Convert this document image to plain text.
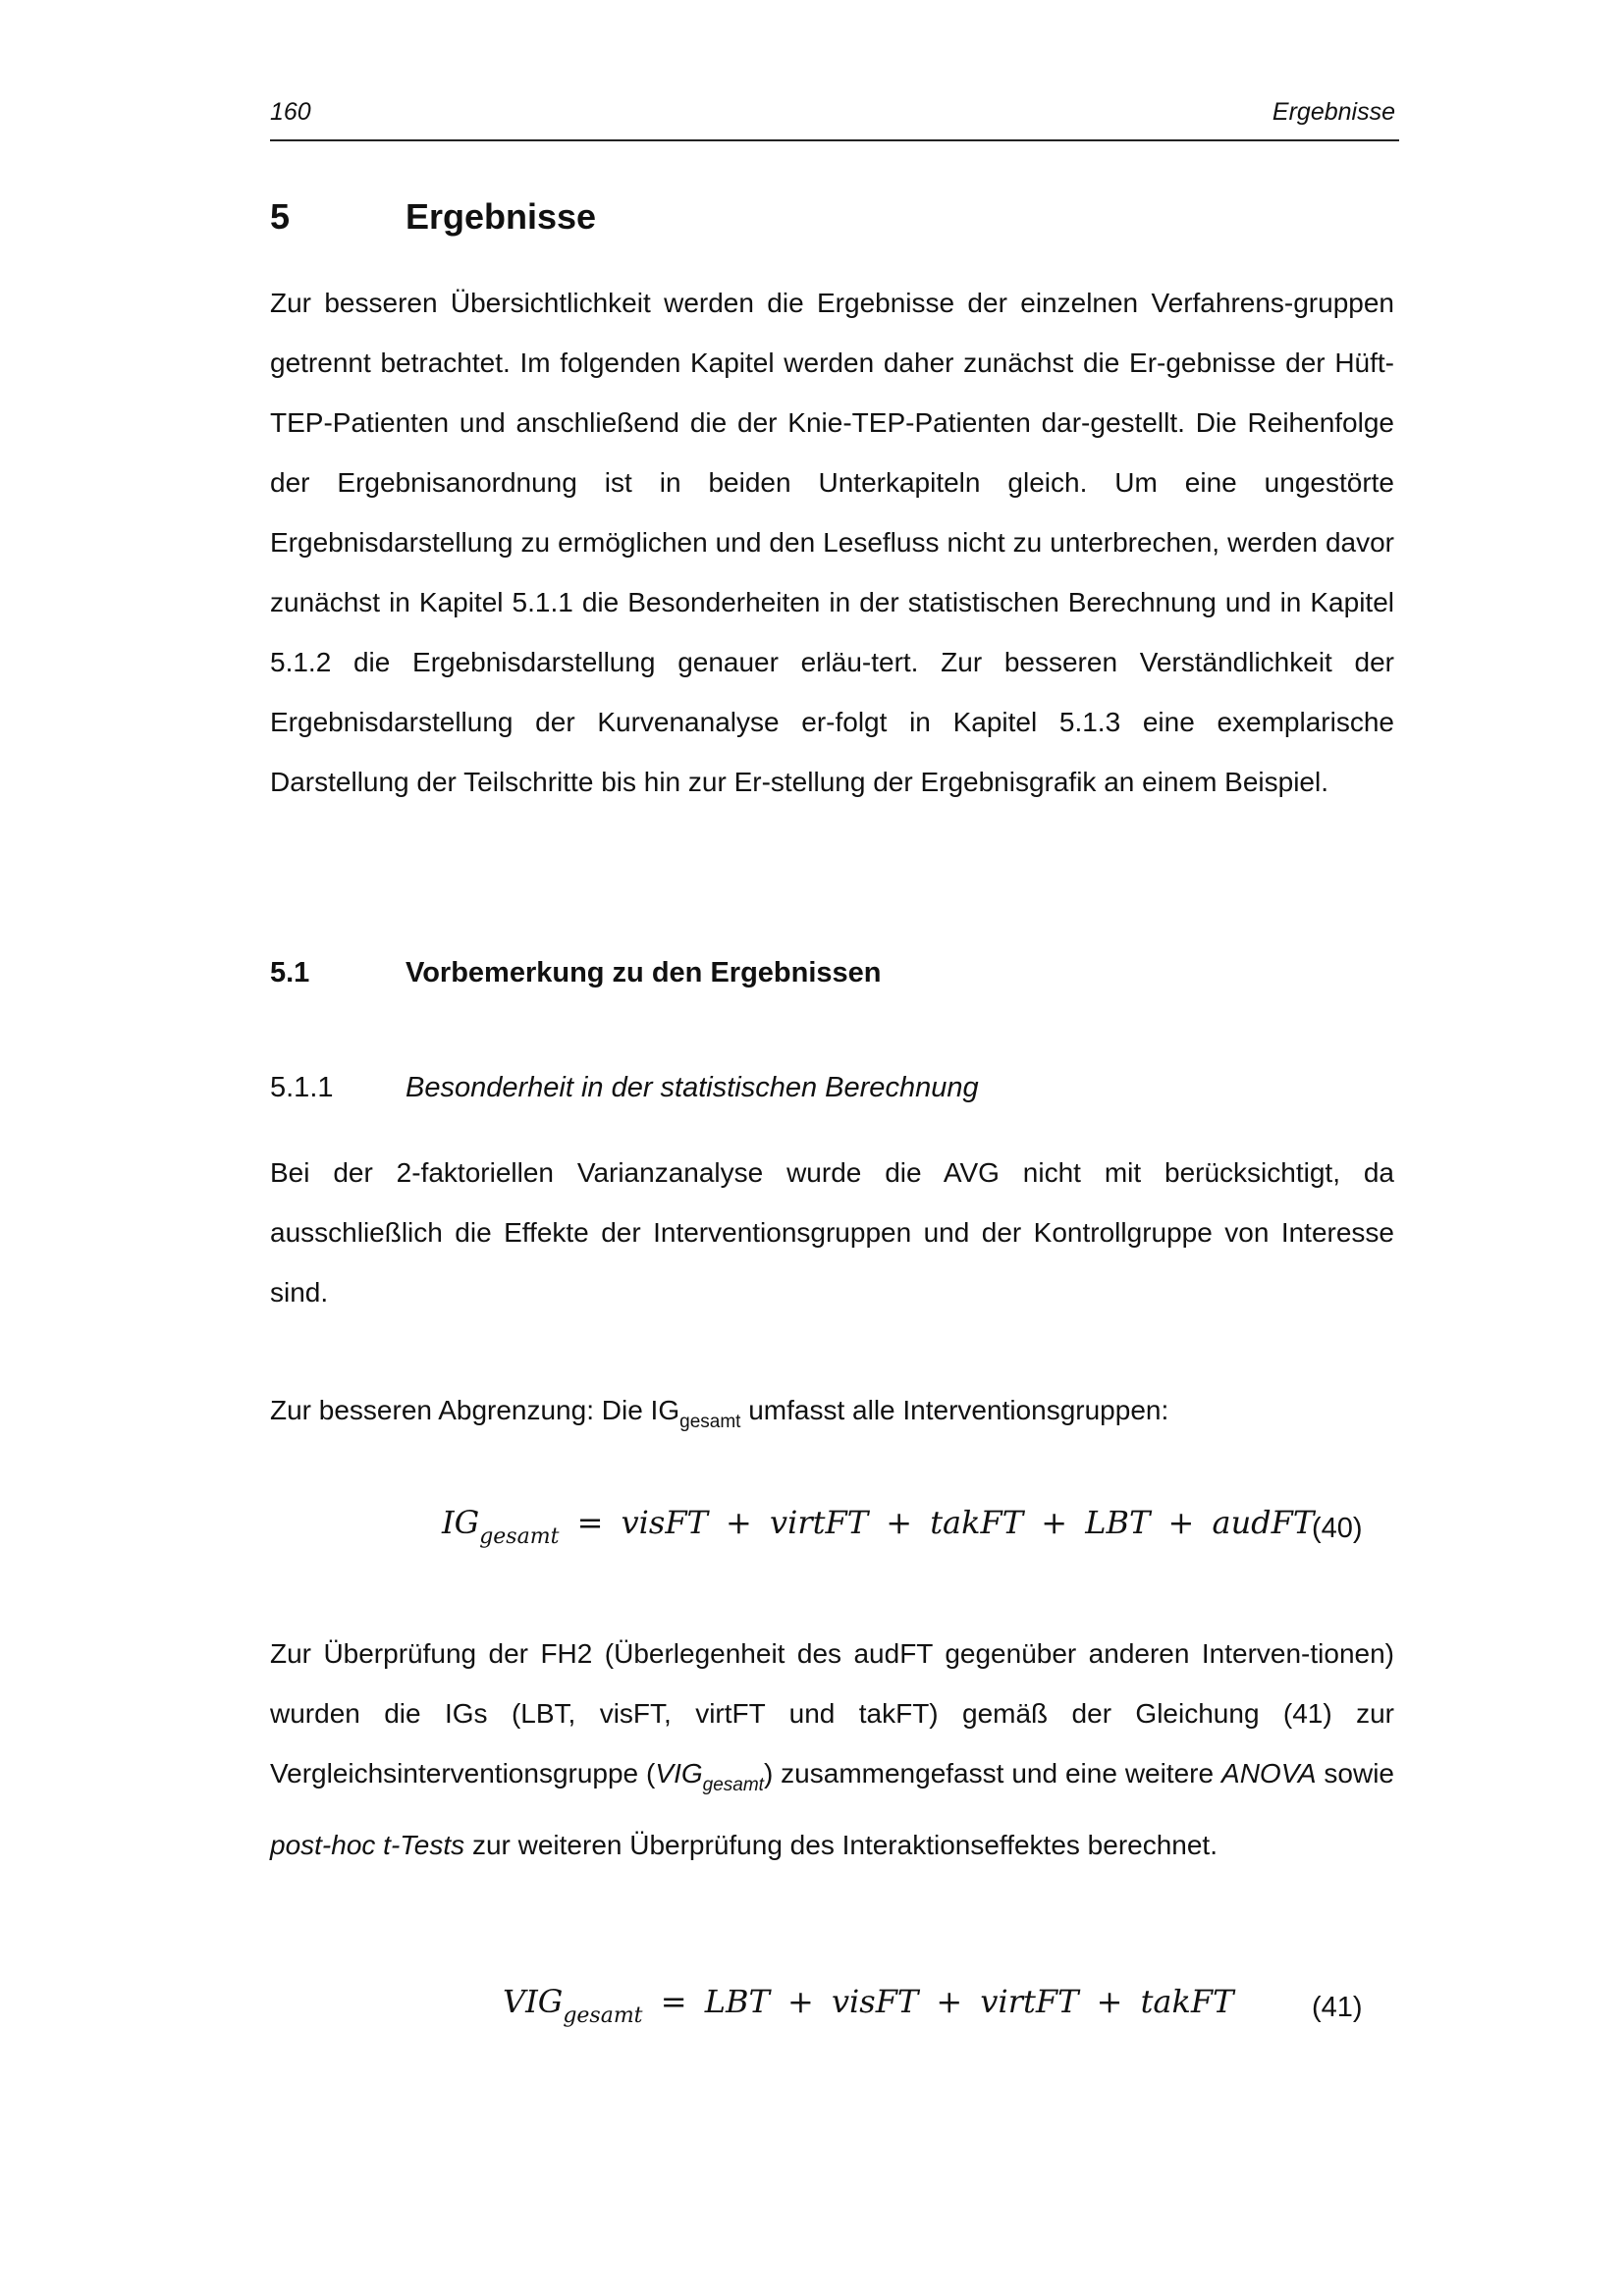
160	Ergebnisse
5	Ergebnisse

Zur besseren Übersichtlichkeit werden die Ergebnisse der einzelnen Verfahrens-gruppen getrennt betrachtet. Im folgenden Kapitel werden daher zunächst die Er-gebnisse der Hüft-TEP-Patienten und anschließend die der Knie-TEP-Patienten dar-gestellt. Die Reihenfolge der Ergebnisanordnung ist in beiden Unterkapiteln gleich. Um eine ungestörte Ergebnisdarstellung zu ermöglichen und den Lesefluss nicht zu unterbrechen, werden davor zunächst in Kapitel 5.1.1 die Besonderheiten in der statistischen Berechnung und in Kapitel 5.1.2 die Ergebnisdarstellung genauer erläu-tert. Zur besseren Verständlichkeit der Ergebnisdarstellung der Kurvenanalyse er-folgt in Kapitel 5.1.3 eine exemplarische Darstellung der Teilschritte bis hin zur Er-stellung der Ergebnisgrafik an einem Beispiel.

5.1	Vorbemerkung zu den Ergebnissen
5.1.1	Besonderheit in der statistischen Berechnung

Bei der 2-faktoriellen Varianzanalyse wurde die AVG nicht mit berücksichtigt, da ausschließlich die Effekte der Interventionsgruppen und der Kontrollgruppe von Interesse sind.

Zur besseren Abgrenzung: Die $IG_{gesamt}$ umfasst alle Interventionsgruppen:

$IG_{gesamt}$ = visFT + virtFT + takFT + LBT + audFT
(40)

Zur Überprüfung der FH2 (Überlegenheit des audFT gegenüber anderen Interven-tionen) wurden die IGs (LBT, visFT, virtFT und takFT) gemäß der Gleichung (41) zur Vergleichsinterventionsgruppe $(VIG_{gesamt})$ zusammengefasst und eine weitere ANOVA sowie post-hoc t-Tests zur weiteren Überprüfung des Interaktionseffektes berechnet.

$VIG_{gesamt}$ = LBT + visFT + virtFT + takFT	(41)
